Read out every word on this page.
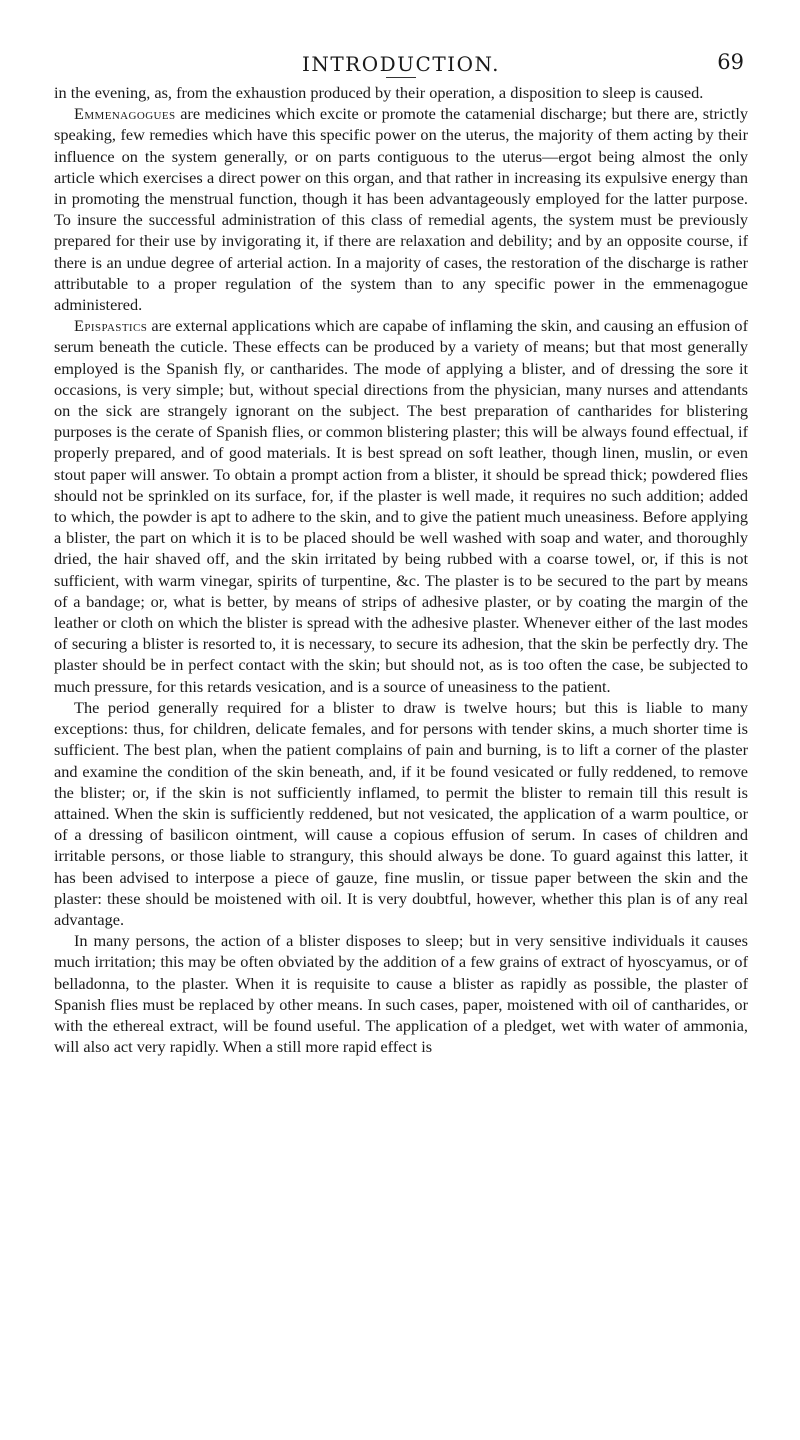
INTRODUCTION.	69

in the evening, as, from the exhaustion produced by their operation, a disposition to sleep is caused.

Emmenagogues are medicines which excite or promote the catamenial discharge; but there are, strictly speaking, few remedies which have this specific power on the uterus, the majority of them acting by their influence on the system generally, or on parts contiguous to the uterus—ergot being almost the only article which exercises a direct power on this organ, and that rather in increasing its expulsive energy than in promoting the menstrual function, though it has been advantageously employed for the latter purpose. To insure the successful administration of this class of remedial agents, the system must be previously prepared for their use by invigorating it, if there are relaxation and debility; and by an opposite course, if there is an undue degree of arterial action. In a majority of cases, the restoration of the discharge is rather attributable to a proper regulation of the system than to any specific power in the emmenagogue administered.

Epispastics are external applications which are capabe of inflaming the skin, and causing an effusion of serum beneath the cuticle. These effects can be produced by a variety of means; but that most generally employed is the Spanish fly, or cantharides. The mode of applying a blister, and of dressing the sore it occasions, is very simple; but, without special directions from the physician, many nurses and attendants on the sick are strangely ignorant on the subject. The best preparation of cantharides for blistering purposes is the cerate of Spanish flies, or common blistering plaster; this will be always found effectual, if properly prepared, and of good materials. It is best spread on soft leather, though linen, muslin, or even stout paper will answer. To obtain a prompt action from a blister, it should be spread thick; powdered flies should not be sprinkled on its surface, for, if the plaster is well made, it requires no such addition; added to which, the powder is apt to adhere to the skin, and to give the patient much uneasiness. Before applying a blister, the part on which it is to be placed should be well washed with soap and water, and thoroughly dried, the hair shaved off, and the skin irritated by being rubbed with a coarse towel, or, if this is not sufficient, with warm vinegar, spirits of turpentine, &c. The plaster is to be secured to the part by means of a bandage; or, what is better, by means of strips of adhesive plaster, or by coating the margin of the leather or cloth on which the blister is spread with the adhesive plaster. Whenever either of the last modes of securing a blister is resorted to, it is necessary, to secure its adhesion, that the skin be perfectly dry. The plaster should be in perfect contact with the skin; but should not, as is too often the case, be subjected to much pressure, for this retards vesication, and is a source of uneasiness to the patient.

The period generally required for a blister to draw is twelve hours; but this is liable to many exceptions: thus, for children, delicate females, and for persons with tender skins, a much shorter time is sufficient. The best plan, when the patient complains of pain and burning, is to lift a corner of the plaster and examine the condition of the skin beneath, and, if it be found vesicated or fully reddened, to remove the blister; or, if the skin is not sufficiently inflamed, to permit the blister to remain till this result is attained. When the skin is sufficiently reddened, but not vesicated, the application of a warm poultice, or of a dressing of basilicon ointment, will cause a copious effusion of serum. In cases of children and irritable persons, or those liable to strangury, this should always be done. To guard against this latter, it has been advised to interpose a piece of gauze, fine muslin, or tissue paper between the skin and the plaster: these should be moistened with oil. It is very doubtful, however, whether this plan is of any real advantage.

In many persons, the action of a blister disposes to sleep; but in very sensitive individuals it causes much irritation; this may be often obviated by the addition of a few grains of extract of hyoscyamus, or of belladonna, to the plaster. When it is requisite to cause a blister as rapidly as possible, the plaster of Spanish flies must be replaced by other means. In such cases, paper, moistened with oil of cantharides, or with the ethereal extract, will be found useful. The application of a pledget, wet with water of ammonia, will also act very rapidly. When a still more rapid effect is
